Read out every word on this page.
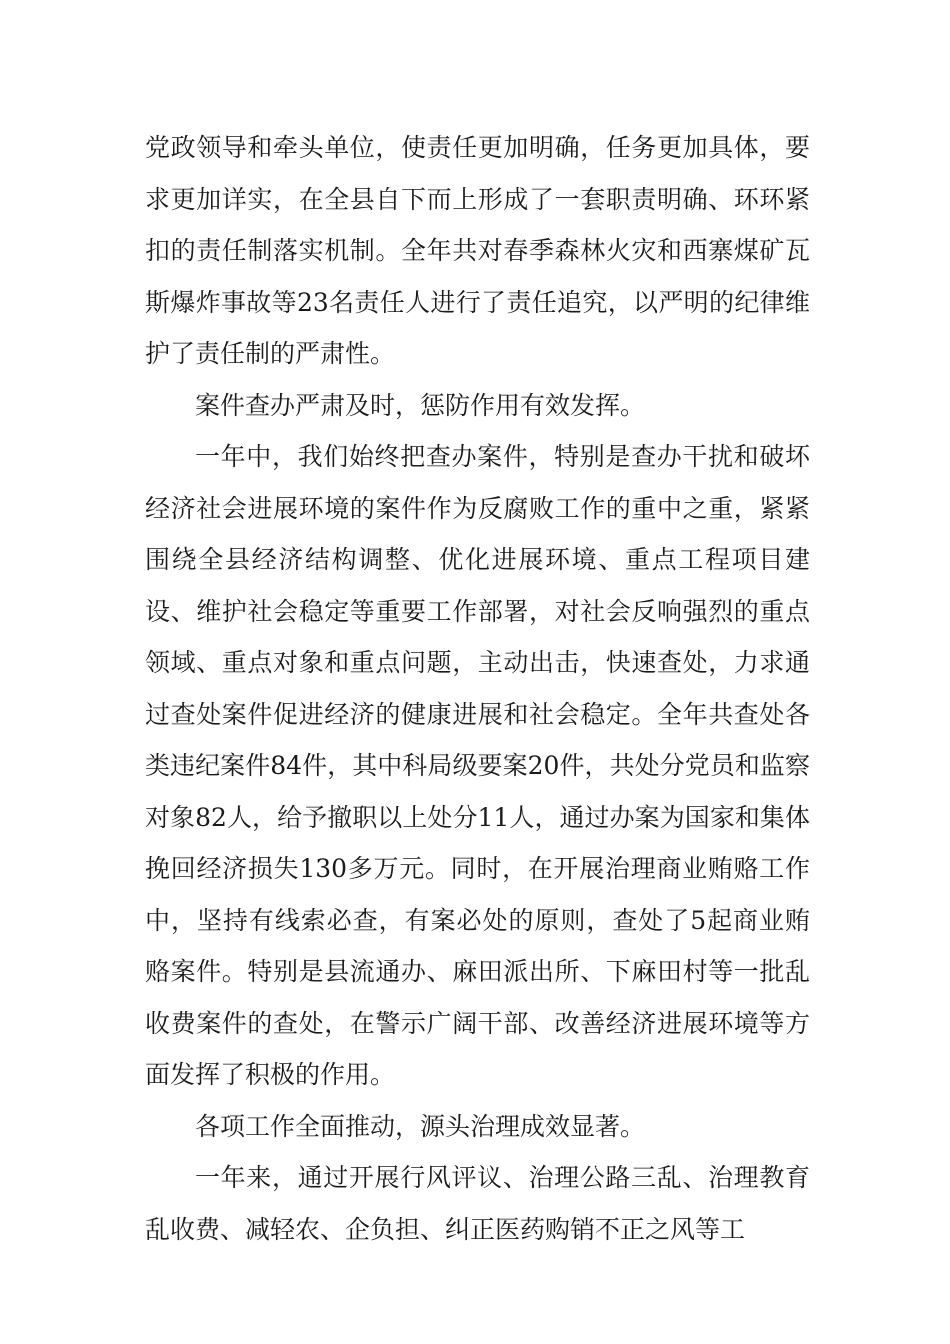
党政领导和牵头单位，使责任更加明确，任务更加具体，要求更加详实，在全县自下而上形成了一套职责明确、环环紧扣的责任制落实机制。全年共对春季森林火灾和西寨煤矿瓦斯爆炸事故等23名责任人进行了责任追究，以严明的纪律维护了责任制的严肃性。

案件查办严肃及时，惩防作用有效发挥。

一年中，我们始终把查办案件，特别是查办干扰和破坏经济社会进展环境的案件作为反腐败工作的重中之重，紧紧围绕全县经济结构调整、优化进展环境、重点工程项目建设、维护社会稳定等重要工作部署，对社会反响强烈的重点领域、重点对象和重点问题，主动出击，快速查处，力求通过查处案件促进经济的健康进展和社会稳定。全年共查处各类违纪案件84件，其中科局级要案20件，共处分党员和监察对象82人，给予撤职以上处分11人，通过办案为国家和集体挽回经济损失130多万元。同时，在开展治理商业贿赂工作中，坚持有线索必查，有案必处的原则，查处了5起商业贿赂案件。特别是县流通办、麻田派出所、下麻田村等一批乱收费案件的查处，在警示广阔干部、改善经济进展环境等方面发挥了积极的作用。

各项工作全面推动，源头治理成效显著。

一年来，通过开展行风评议、治理公路三乱、治理教育乱收费、减轻农、企负担、纠正医药购销不正之风等工
